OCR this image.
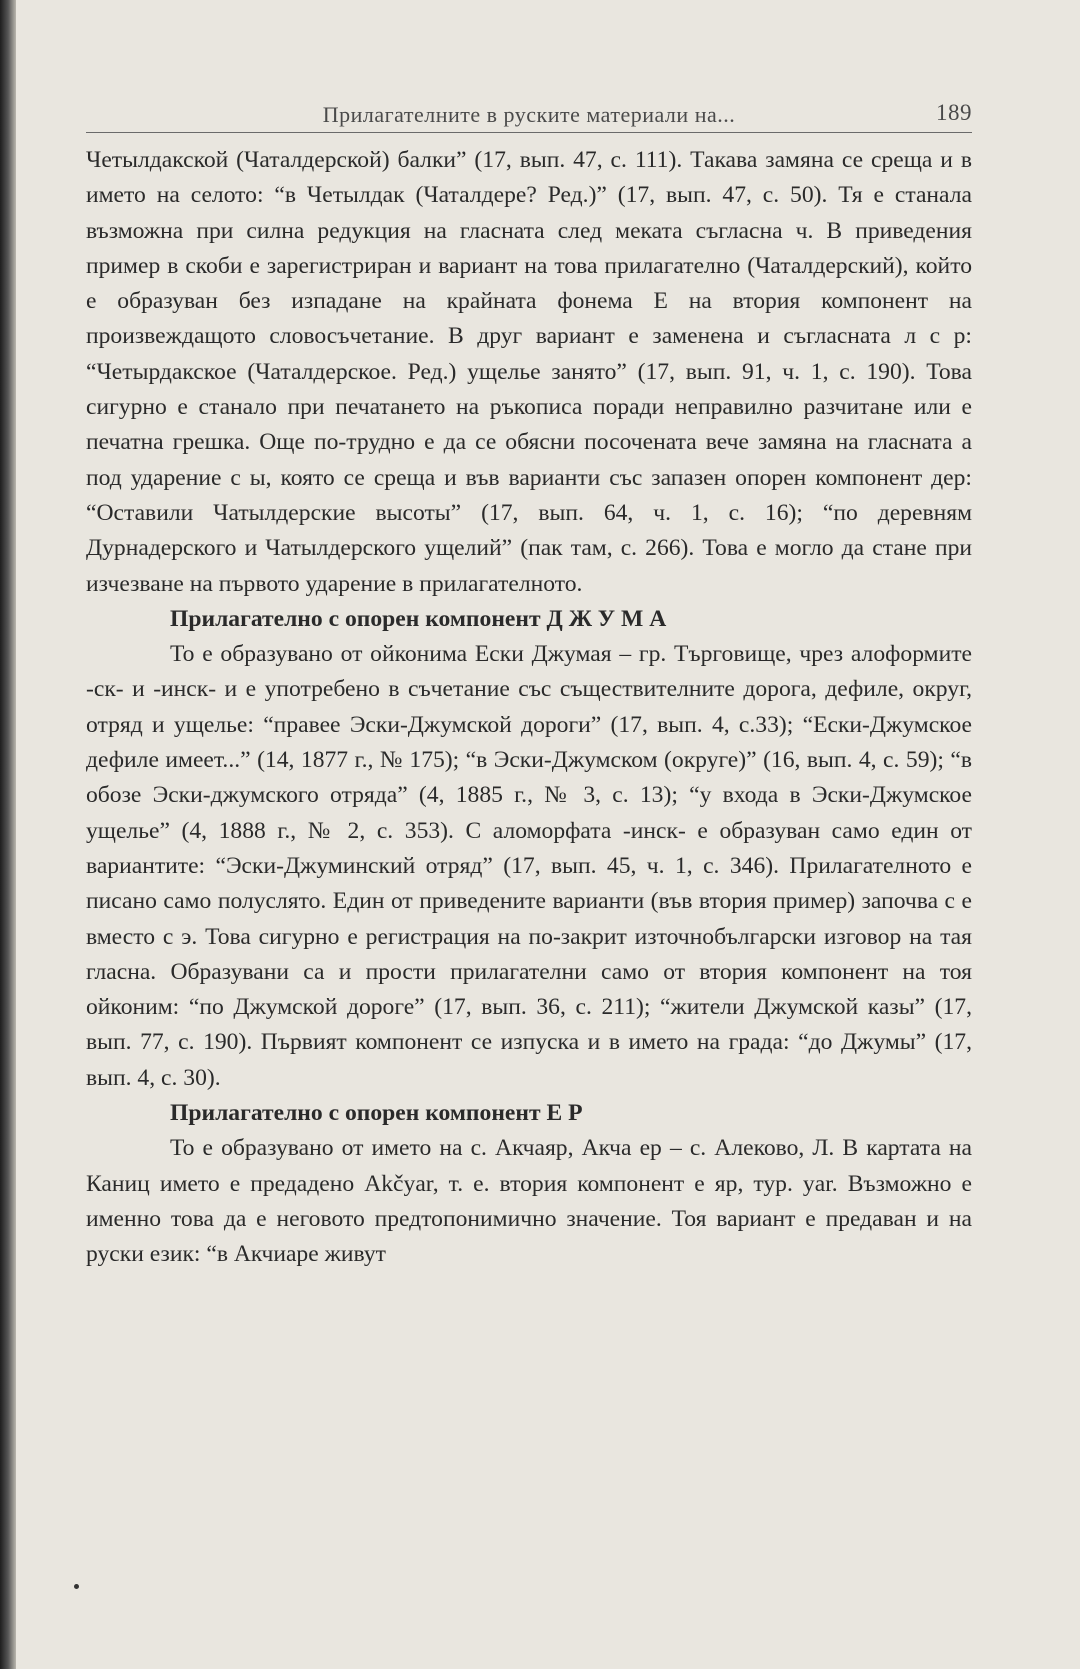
Прилагателните в руските материали на...	189

Четылдакской (Чаталдерской) балки” (17, вып. 47, с. 111). Такава замяна се среща и в името на селото: “в Четылдак (Чаталдере? Ред.)” (17, вып. 47, с. 50). Тя е станала възможна при силна редукция на гласната след меката съгласна ч. В приведения пример в скоби е зарегистриран и вариант на това прилагателно (Чаталдерский), който е образуван без изпадане на крайната фонема Е на втория компонент на произвеждащото словосъчетание. В друг вариант е заменена и съгласната л с р: “Четырдакское (Чаталдерское. Ред.) ущелье занято” (17, вып. 91, ч. 1, с. 190). Това сигурно е станало при печатането на ръкописа поради неправилно разчитане или е печатна грешка. Още по-трудно е да се обясни посочената вече замяна на гласната а под ударение с ы, която се среща и във варианти със запазен опорен компонент дер: “Оставили Чатылдерские высоты” (17, вып. 64, ч. 1, с. 16); “по деревням Дурнадерского и Чатылдерского ущелий” (пак там, с. 266). Това е могло да стане при изчезване на първото ударение в прилагателното.

Прилагателно с опорен компонент ДЖУМА

То е образувано от ойконима Ески Джумая – гр. Търговище, чрез алоформите -ск- и -инск- и е употребено в съчетание със съществителните дорога, дефиле, округ, отряд и ущелье: “правее Эски-Джумской дороги” (17, вып. 4, с.33); “Eски-Джумское дефиле имеет...” (14, 1877 г., № 175); “в Эски-Джумском (округе)” (16, вып. 4, с. 59); “в обозе Эски-джумского отряда” (4, 1885 г., № 3, с. 13); “у входа в Эски-Джумское ущелье” (4, 1888 г., № 2, с. 353). С аломорфата -инск- е образуван само един от вариантите: “Эски-Джуминский отряд” (17, вып. 45, ч. 1, с. 346). Прилагателното е писано само полуслято. Един от приведените варианти (във втория пример) започва с е вместо с э. Това сигурно е регистрация на по-закрит източнобългарски изговор на тая гласна. Образувани са и прости прилагателни само от втория компонент на тоя ойконим: “по Джумской дороге” (17, вып. 36, с. 211); “жители Джумской казы” (17, вып. 77, с. 190). Първият компонент се изпуска и в името на града: “до Джумы” (17, вып. 4, с. 30).

Прилагателно с опорен компонент Е Р

То е образувано от името на с. Акчаяр, Акча ер – с. Алеково, Л. В картата на Каниц името е предадено Akčyar, т. е. втория компонент е яр, тур. yar. Възможно е именно това да е неговото предтопонимично значение. Тоя вариант е предаван и на руски език: “в Акчиаре живут
